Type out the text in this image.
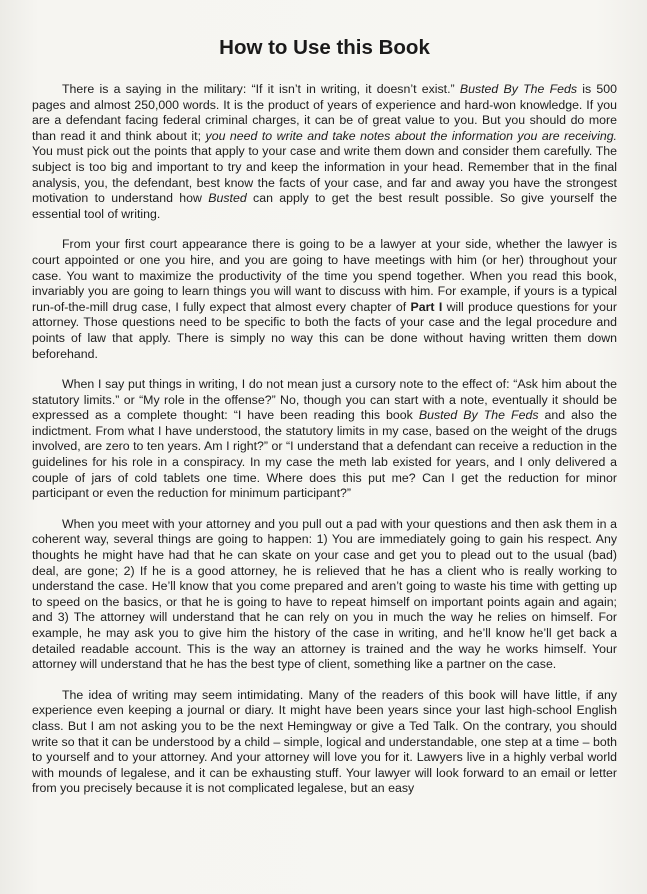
How to Use this Book

There is a saying in the military: “If it isn’t in writing, it doesn’t exist.” Busted By The Feds is 500 pages and almost 250,000 words. It is the product of years of experience and hard-won knowledge. If you are a defendant facing federal criminal charges, it can be of great value to you. But you should do more than read it and think about it; you need to write and take notes about the information you are receiving. You must pick out the points that apply to your case and write them down and consider them carefully. The subject is too big and important to try and keep the information in your head. Remember that in the final analysis, you, the defendant, best know the facts of your case, and far and away you have the strongest motivation to understand how Busted can apply to get the best result possible. So give yourself the essential tool of writing.

From your first court appearance there is going to be a lawyer at your side, whether the lawyer is court appointed or one you hire, and you are going to have meetings with him (or her) throughout your case. You want to maximize the productivity of the time you spend together. When you read this book, invariably you are going to learn things you will want to discuss with him. For example, if yours is a typical run-of-the-mill drug case, I fully expect that almost every chapter of Part I will produce questions for your attorney. Those questions need to be specific to both the facts of your case and the legal procedure and points of law that apply. There is simply no way this can be done without having written them down beforehand.

When I say put things in writing, I do not mean just a cursory note to the effect of: “Ask him about the statutory limits.” or “My role in the offense?” No, though you can start with a note, eventually it should be expressed as a complete thought: “I have been reading this book Busted By The Feds and also the indictment. From what I have understood, the statutory limits in my case, based on the weight of the drugs involved, are zero to ten years. Am I right?” or “I understand that a defendant can receive a reduction in the guidelines for his role in a conspiracy. In my case the meth lab existed for years, and I only delivered a couple of jars of cold tablets one time. Where does this put me? Can I get the reduction for minor participant or even the reduction for minimum participant?”

When you meet with your attorney and you pull out a pad with your questions and then ask them in a coherent way, several things are going to happen: 1) You are immediately going to gain his respect. Any thoughts he might have had that he can skate on your case and get you to plead out to the usual (bad) deal, are gone; 2) If he is a good attorney, he is relieved that he has a client who is really working to understand the case. He’ll know that you come prepared and aren’t going to waste his time with getting up to speed on the basics, or that he is going to have to repeat himself on important points again and again; and 3) The attorney will understand that he can rely on you in much the way he relies on himself. For example, he may ask you to give him the history of the case in writing, and he’ll know he’ll get back a detailed readable account. This is the way an attorney is trained and the way he works himself. Your attorney will understand that he has the best type of client, something like a partner on the case.

The idea of writing may seem intimidating. Many of the readers of this book will have little, if any experience even keeping a journal or diary. It might have been years since your last high-school English class. But I am not asking you to be the next Hemingway or give a Ted Talk. On the contrary, you should write so that it can be understood by a child – simple, logical and understandable, one step at a time – both to yourself and to your attorney. And your attorney will love you for it. Lawyers live in a highly verbal world with mounds of legalese, and it can be exhausting stuff. Your lawyer will look forward to an email or letter from you precisely because it is not complicated legalese, but an easy
